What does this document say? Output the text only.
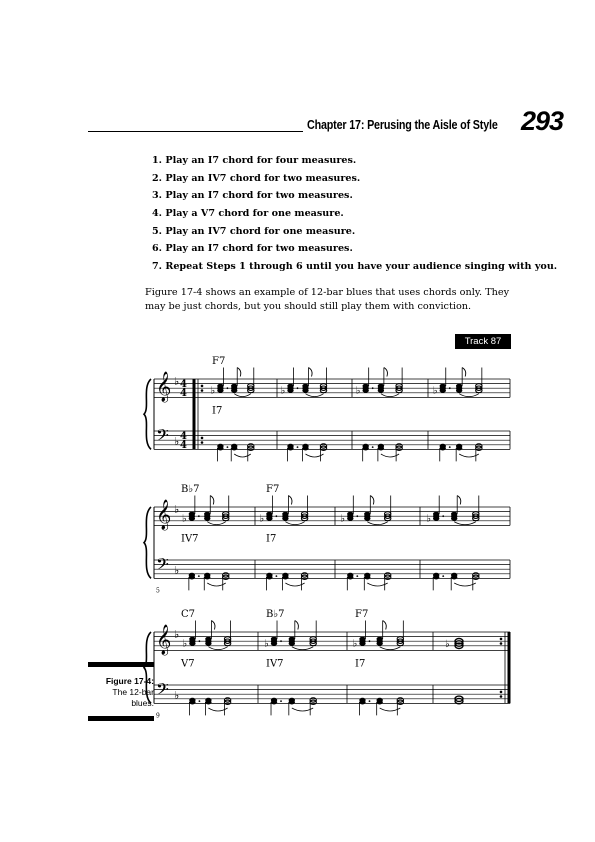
Chapter 17: Perusing the Aisle of Style 293
1. Play an I7 chord for four measures.
2. Play an IV7 chord for two measures.
3. Play an I7 chord for two measures.
4. Play a V7 chord for one measure.
5. Play an IV7 chord for one measure.
6. Play an I7 chord for two measures.
7. Repeat Steps 1 through 6 until you have your audience singing with you.
Figure 17-4 shows an example of 12-bar blues that uses chords only. They may be just chords, but you should still play them with conviction.
Track 87
𝄞
𝄢
♭
♭
4
4
4
4
F7
I7
♭	♭	♭	♭
𝄞
𝄢
♭
♭
5
B♭7
IV7
F7
I7
♭	♭	♭	♭
𝄞
𝄢
♭
♭
9
C7
V7
B♭7
IV7
F7
I7
♭	♭	♭	♭
Figure 17-4:
The 12-bar blues.
